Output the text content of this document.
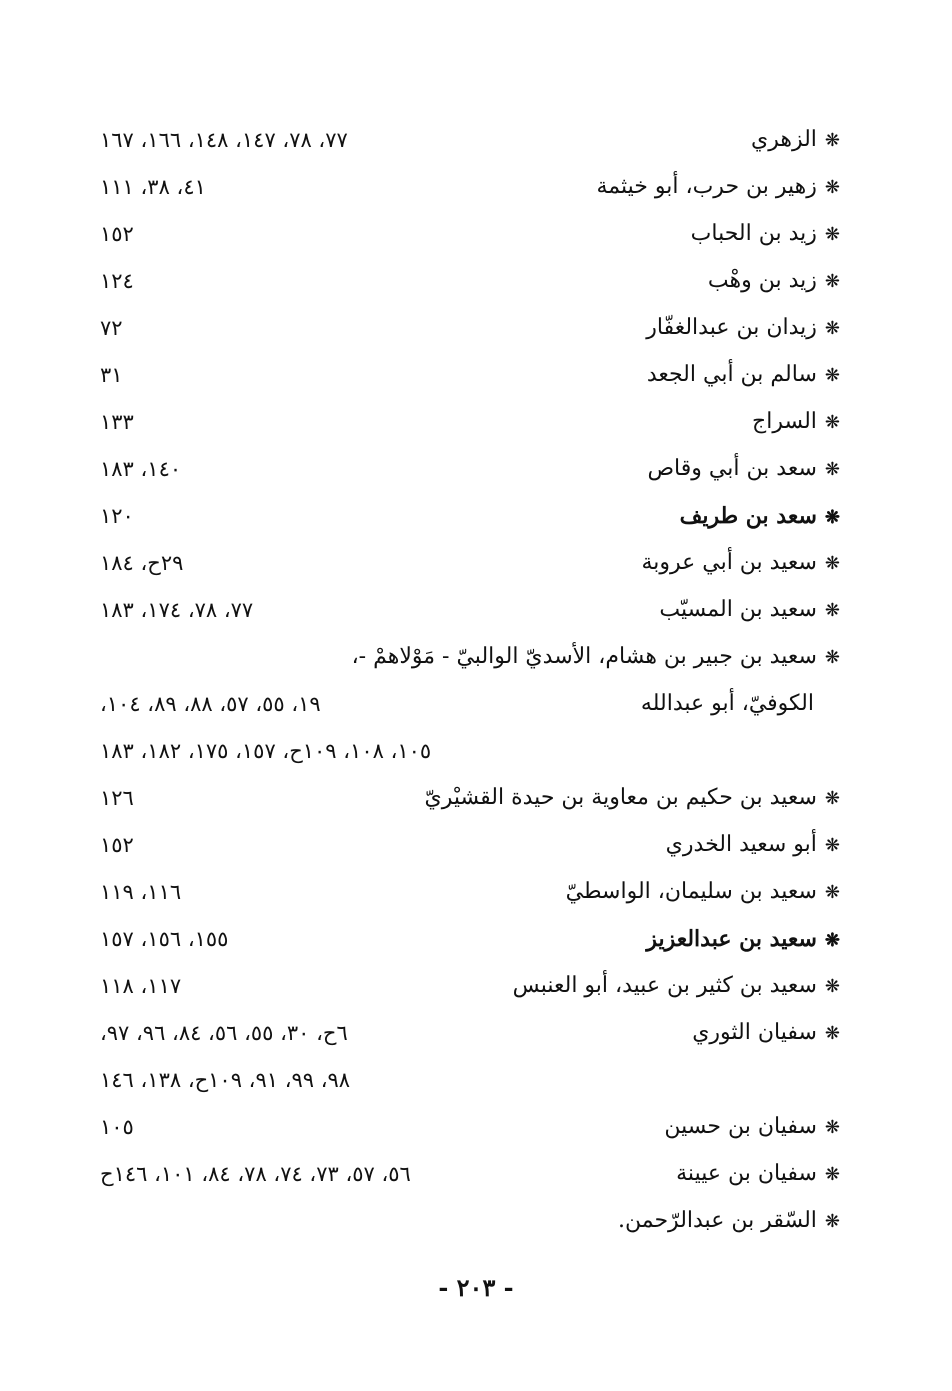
❋الزهري
٧٧، ٧٨، ١٤٧، ١٤٨، ١٦٦، ١٦٧
❋زهير بن حرب، أبو خيثمة
٤١، ٣٨، ١١١
❋زيد بن الحباب
١٥٢
❋زيد بن وهْب
١٢٤
❋زيدان بن عبدالغفّار
٧٢
❋سالم بن أبي الجعد
٣١
❋السراج
١٣٣
❋سعد بن أبي وقاص
١٤٠، ١٨٣
❋سعد بن طريف
١٢٠
❋سعيد بن أبي عروبة
٢٩ح، ١٨٤
❋سعيد بن المسيّب
٧٧، ٧٨، ١٧٤، ١٨٣
❋سعيد بن جبير بن هشام، الأسديّ الوالبيّ - مَوْلاهمْ -،
الكوفيّ، أبو عبدالله
١٩، ٥٥، ٥٧، ٨٨، ٨٩، ١٠٤،
١٠٥، ١٠٨، ١٠٩ح، ١٥٧، ١٧٥، ١٨٢، ١٨٣
❋سعيد بن حكيم بن معاوية بن حيدة القشيْريّ
١٢٦
❋أبو سعيد الخدري
١٥٢
❋سعيد بن سليمان، الواسطيّ
١١٦، ١١٩
❋سعيد بن عبدالعزيز
١٥٥، ١٥٦، ١٥٧
❋سعيد بن كثير بن عبيد، أبو العنبس
١١٧، ١١٨
❋سفيان الثوري
٦ح، ٣٠، ٥٥، ٥٦، ٨٤، ٩٦، ٩٧،
٩٨، ٩٩، ٩١، ١٠٩ح، ١٣٨، ١٤٦
❋سفيان بن حسين
١٠٥
❋سفيان بن عيينة
٥٦، ٥٧، ٧٣، ٧٤، ٧٨، ٨٤، ١٠١، ١٤٦ح
❋السّقر بن عبدالرّحمن.
- ٢٠٣ -
